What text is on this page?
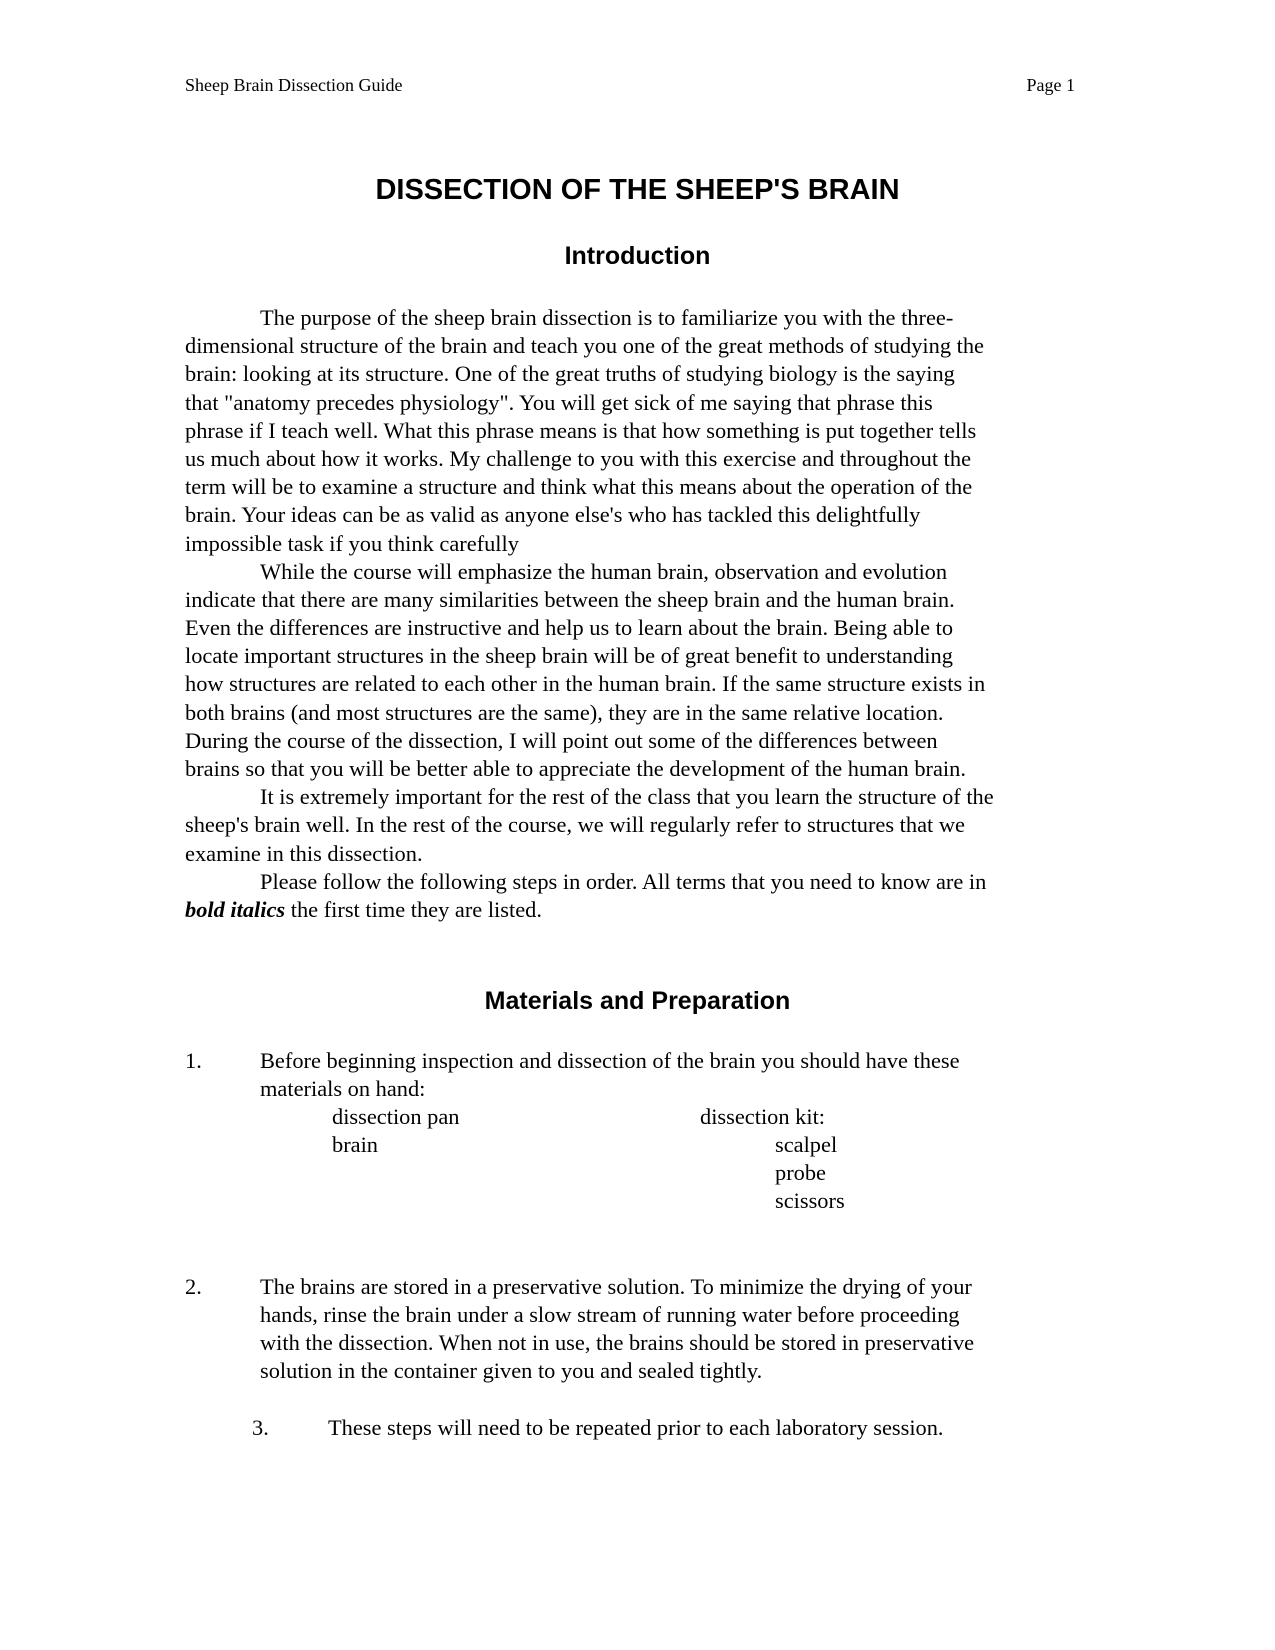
Sheep Brain Dissection Guide	Page 1
DISSECTION OF THE SHEEP'S BRAIN
Introduction
The purpose of the sheep brain dissection is to familiarize you with the three-
dimensional structure of the brain and teach you one of the great methods of studying the
brain: looking at its structure. One of the great truths of studying biology is the saying
that "anatomy precedes physiology". You will get sick of me saying that phrase this
phrase if I teach well. What this phrase means is that how something is put together tells
us much about how it works. My challenge to you with this exercise and throughout the
term will be to examine a structure and think what this means about the operation of the
brain. Your ideas can be as valid as anyone else's who has tackled this delightfully
impossible task if you think carefully
While the course will emphasize the human brain, observation and evolution
indicate that there are many similarities between the sheep brain and the human brain.
Even the differences are instructive and help us to learn about the brain. Being able to
locate important structures in the sheep brain will be of great benefit to understanding
how structures are related to each other in the human brain. If the same structure exists in
both brains (and most structures are the same), they are in the same relative location.
During the course of the dissection, I will point out some of the differences between
brains so that you will be better able to appreciate the development of the human brain.
It is extremely important for the rest of the class that you learn the structure of the
sheep's brain well. In the rest of the course, we will regularly refer to structures that we
examine in this dissection.
Please follow the following steps in order. All terms that you need to know are in
bold italics the first time they are listed.
Materials and Preparation
1.	Before beginning inspection and dissection of the brain you should have these
materials on hand:
dissection pan
brain
dissection kit:
scalpel
probe
scissors
2.	The brains are stored in a preservative solution. To minimize the drying of your
hands, rinse the brain under a slow stream of running water before proceeding
with the dissection. When not in use, the brains should be stored in preservative
solution in the container given to you and sealed tightly.
3.	These steps will need to be repeated prior to each laboratory session.
